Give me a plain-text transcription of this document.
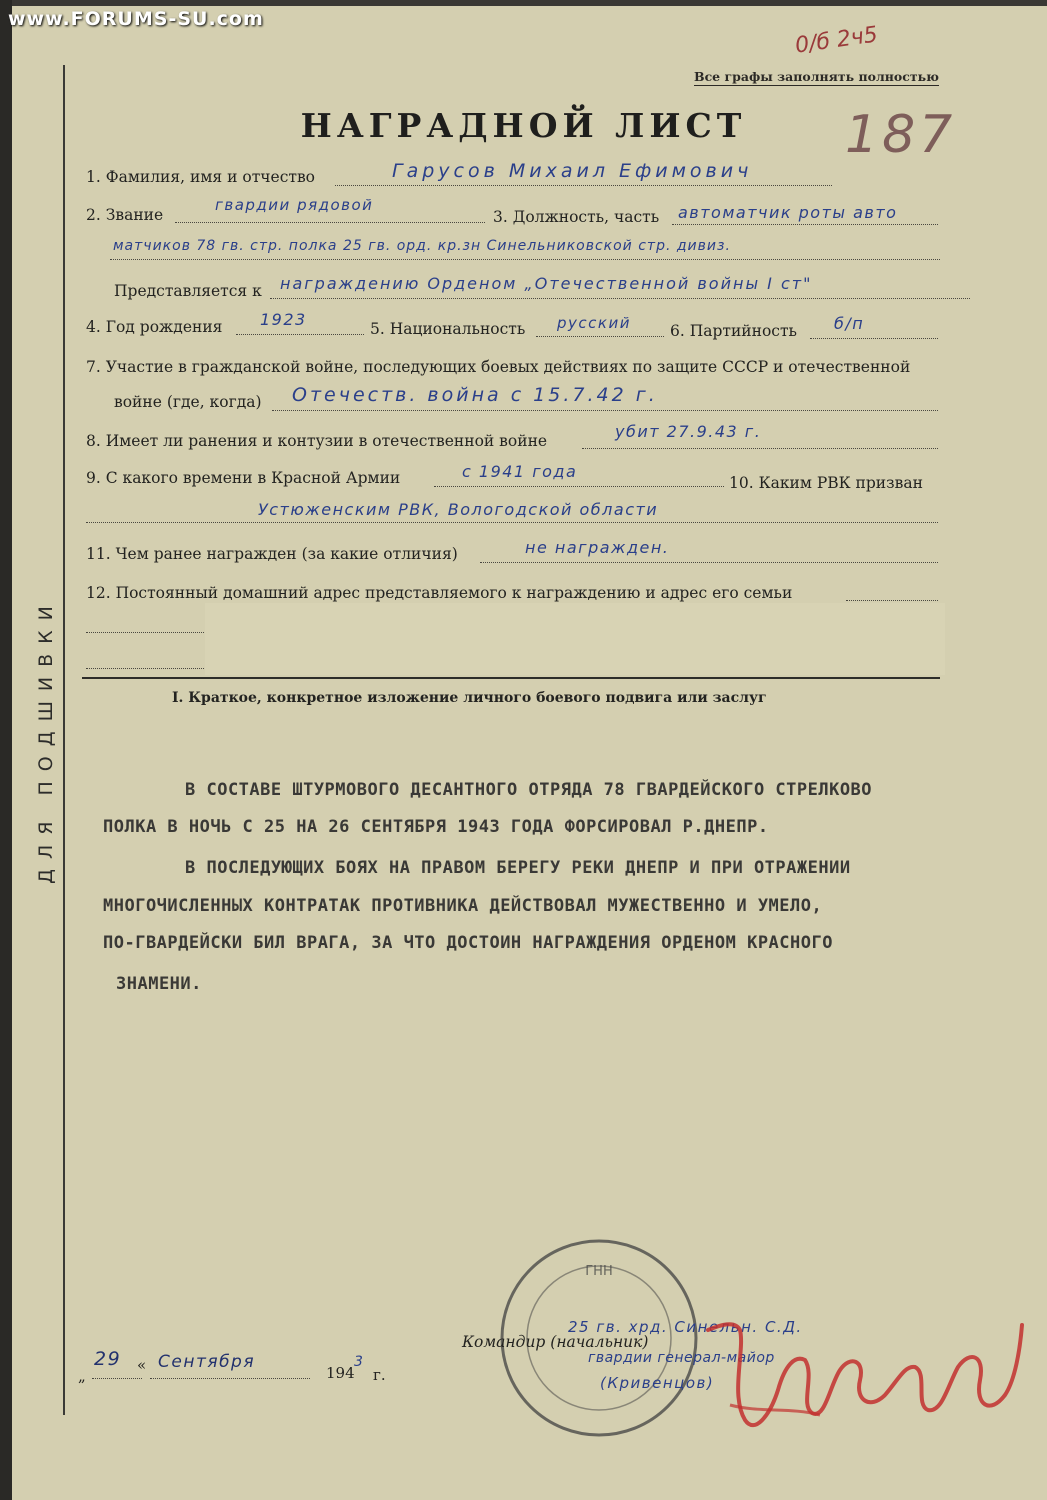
www.FORUMS-SU.com
ДЛЯ ПОДШИВКИ
0/б 2ч5
187
Все графы заполнять полностью
НАГРАДНОЙ ЛИСТ
1. Фамилия, имя и отчество	Гарусов Михаил Ефимович
2. Звание
гвардии рядовой
3. Должность, часть автоматчик роты авто
матчиков 78 гв. стр. полка 25 гв. орд. кр.зн Синельниковской стр. дивиз.
Представляется к награждению Орденом „Отечественной войны I ст"
4. Год рождения 1923	5. Национальность русский	6. Партийность б/п
7. Участие в гражданской войне, последующих боевых действиях по защите СССР и отечественной
войне (где, когда) Отечеств. война с 15.7.42 г.
8. Имеет ли ранения и контузии в отечественной войне	убит 27.9.43 г.
9. С какого времени в Красной Армии	с 1941 года
10. Каким РВК призван
Устюженским РВК, Вологодской области
11. Чем ранее награжден (за какие отличия)	не награжден.
12. Постоянный домашний адрес представляемого к награждению и адрес его семьи
I. Краткое, конкретное изложение личного боевого подвига или заслуг
В СОСТАВЕ ШТУРМОВОГО ДЕСАНТНОГО ОТРЯДА 78 ГВАРДЕЙСКОГО СТРЕЛКОВО
ПОЛКА В НОЧЬ С 25 НА 26 СЕНТЯБРЯ 1943 ГОДА ФОРСИРОВАЛ Р.ДНЕПР.
В ПОСЛЕДУЮЩИХ БОЯХ НА ПРАВОМ БЕРЕГУ РЕКИ ДНЕПР И ПРИ ОТРАЖЕНИИ
МНОГОЧИСЛЕННЫХ КОНТРАТАК ПРОТИВНИКА ДЕЙСТВОВАЛ МУЖЕСТВЕННО И УМЕЛО,
ПО-ГВАРДЕЙСКИ БИЛ ВРАГА, ЗА ЧТО ДОСТОИН НАГРАЖДЕНИЯ ОРДЕНОМ КРАСНОГО
ЗНАМЕНИ.
„
29 « Сентября
194
3
г.
ГНН
Командир (начальник)
25 гв. хрд. Синельн. С.Д.
гвардии генерал-майор
(Кривенцов)
